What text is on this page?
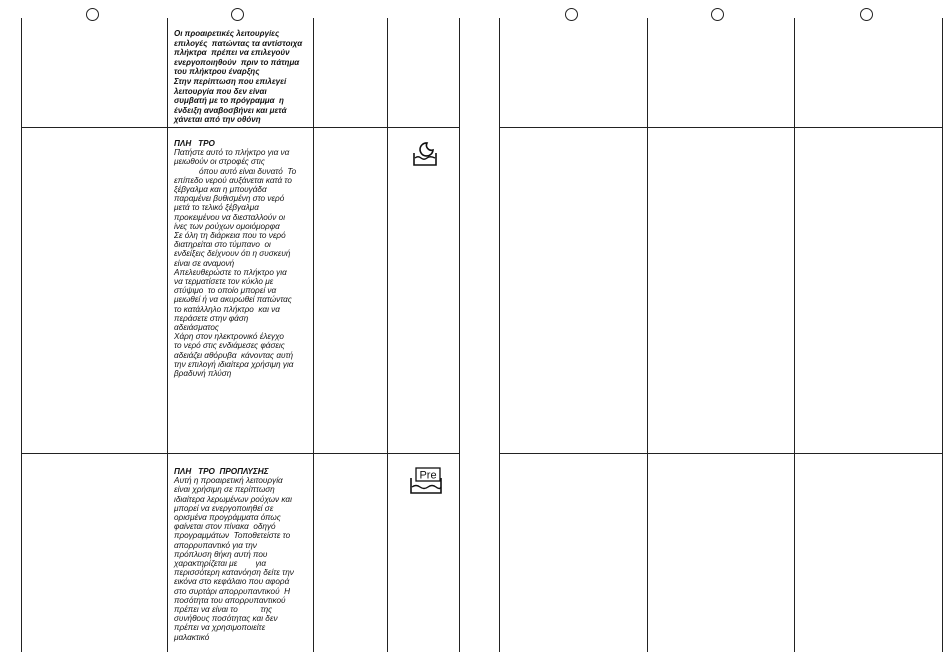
Οι προαιρετικές λειτουργίες
επιλογές  πατώντας τα αντίστοιχα
πλήκτρα  πρέπει να επιλεγούν
ενεργοποιηθούν  πριν το πάτημα
του πλήκτρου έναρξης
Στην περίπτωση που επιλεγεί
λειτουργία που δεν είναι
συμβατή με το πρόγραμμα  η
ένδειξη αναβοσβήνει και μετά
χάνεται από την οθόνη
ΠΛΗ   ΤΡΟ
Πατήστε αυτό το πλήκτρο για να
μειωθούν οι στροφές στις
όπου αυτό είναι δυνατό  Το
επίπεδο νερού αυξάνεται κατά το
ξέβγαλμα και η μπουγάδα
παραμένει βυθισμένη στο νερό
μετά το τελικό ξέβγαλμα
προκειμένου να διεσταλλούν οι
ίνες των ρούχων ομοιόμορφα
Σε όλη τη διάρκεια που το νερό
διατηρείται στο τύμπανο  οι
ενδείξεις δείχνουν ότι η συσκευή
είναι σε αναμονή
Απελευθερώστε το πλήκτρο για
να τερματίσετε τον κύκλο με
στύψιμο  το οποίο μπορεί να
μειωθεί ή να ακυρωθεί πατώντας
το κατάλληλο πλήκτρο  και να
περάσετε στην φάση
αδειάσματος
Χάρη στον ηλεκτρονικό έλεγχο
το νερό στις ενδιάμεσες φάσεις
αδειάζει αθόρυβα  κάνοντας αυτή
την επιλογή ιδιαίτερα χρήσιμη για
βραδυνή πλύση
ΠΛΗ   ΤΡΟ  ΠΡΟΠΛΥΣΗΣ
Αυτή η προαιρετική λειτουργία
είναι χρήσιμη σε περίπτωση
ιδιαίτερα λερωμένων ρούχων και
μπορεί να ενεργοποιηθεί σε
ορισμένα προγράμματα όπως
φαίνεται στον πίνακα  οδηγό
προγραμμάτων  Τοποθετείστε το
απορρυπαντικό για την
πρόπλυση θήκη αυτή που
χαρακτηρίζεται με        για
περισσότερη κατανόηση δείτε την
εικόνα στο κεφάλαιο που αφορά
στο συρτάρι απορρυπαντικού  Η
ποσότητα του απορρυπαντικού
πρέπει να είναι το          της
συνήθους ποσότητας και δεν
πρέπει να χρησιμοποιείτε
μαλακτικό
Pre
